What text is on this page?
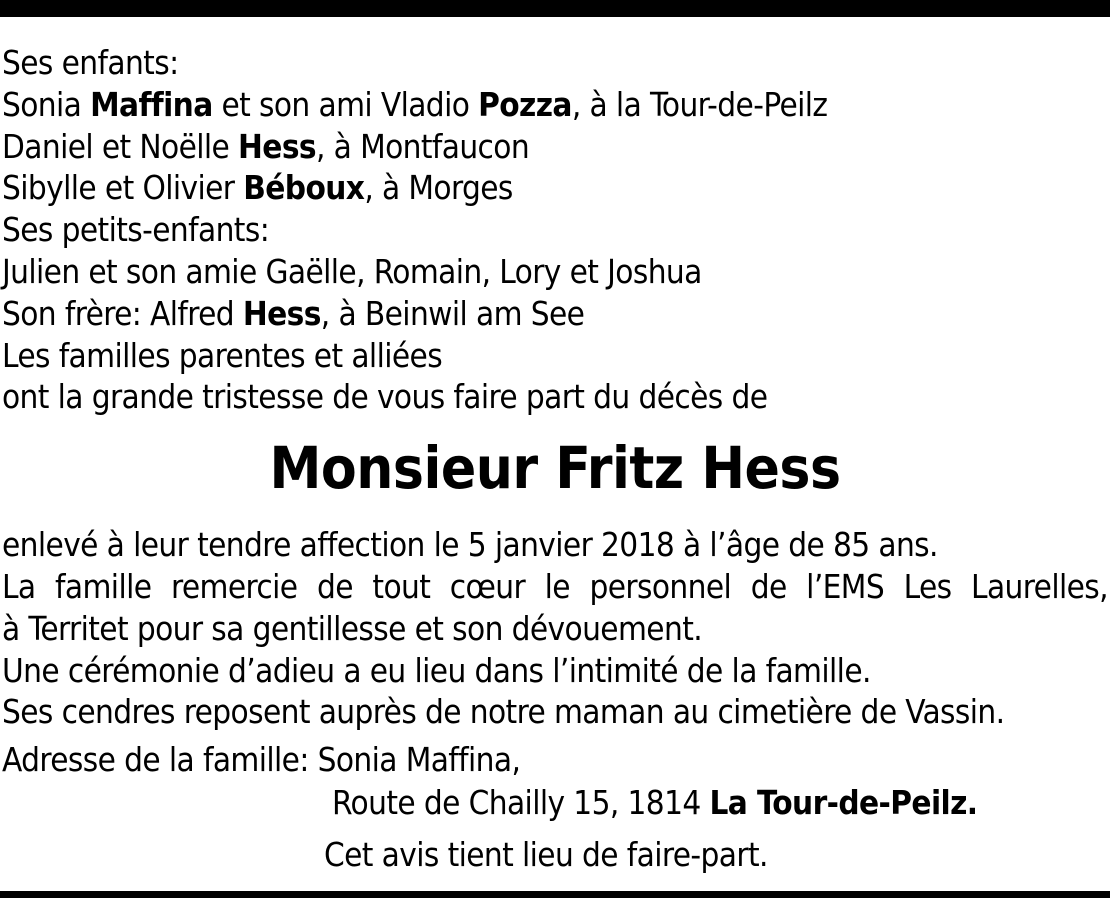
Ses enfants:
Sonia Maffina et son ami Vladio Pozza, à la Tour-de-Peilz
Daniel et Noëlle Hess, à Montfaucon
Sibylle et Olivier Béboux, à Morges
Ses petits-enfants:
Julien et son amie Gaëlle, Romain, Lory et Joshua
Son frère: Alfred Hess, à Beinwil am See
Les familles parentes et alliées
ont la grande tristesse de vous faire part du décès de
Monsieur Fritz Hess
enlevé à leur tendre affection le 5 janvier 2018 à l’âge de 85 ans.
La famille remercie de tout cœur le personnel de l’EMS Les Laurelles,
à Territet pour sa gentillesse et son dévouement.
Une cérémonie d’adieu a eu lieu dans l’intimité de la famille.
Ses cendres reposent auprès de notre maman au cimetière de Vassin.
Adresse de la famille: Sonia Maffina,
Route de Chailly 15, 1814 La Tour-de-Peilz.
Cet avis tient lieu de faire-part.
